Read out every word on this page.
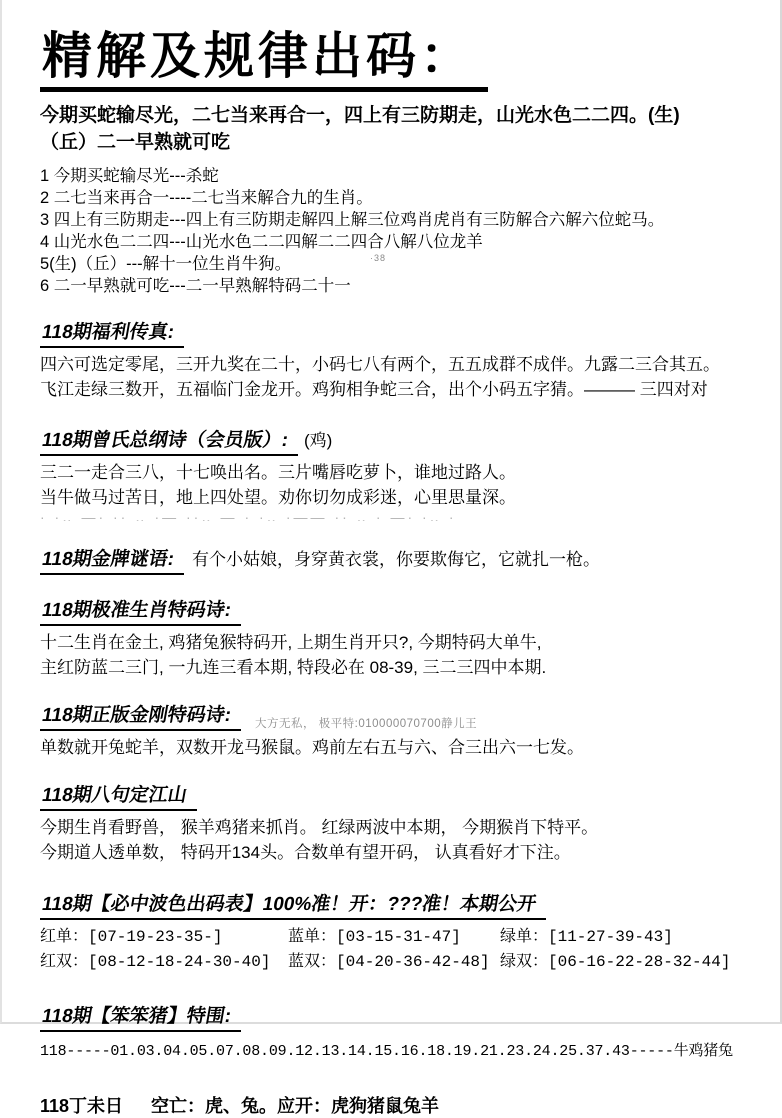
精解及规律出码：
今期买蛇输尽光，二七当来再合一，四上有三防期走，山光水色二二四。(生)
（丘）二一早熟就可吃
1 今期买蛇输尽光---杀蛇
2 二七当来再合一----二七当来解合九的生肖。
3 四上有三防期走---四上有三防期走解四上解三位鸡肖虎肖有三防解合六解六位蛇马。
4 山光水色二二四---山光水色二二四解二二四合八解八位龙羊
5(生)（丘）---解十一位生肖牛狗。	·38
6 二一早熟就可吃---二一早熟解特码二十一
118期福利传真:
四六可选定零尾，三开九奖在二十，小码七八有两个，五五成群不成伴。九露二三合其五。
飞江走绿三数开，五福临门金龙开。鸡狗相争蛇三合，出个小码五字猜。——— 三四对对
118期曾氏总纲诗（会员版）: (鸡)
三二一走合三八，十七唤出名。三片嘴唇吃萝卜，谁地过路人。
当牛做马过苦日，地上四处望。劝你切勿成彩迷，心里思量深。
· ·‥ —· ·· ‥ ·— ··‥ — · ·‥ ·—— ·· ‥ · —· ·‥ ·
118期金牌谜语: 有个小姑娘，身穿黄衣裳，你要欺侮它，它就扎一枪。
118期极准生肖特码诗:
十二生肖在金土, 鸡猪兔猴特码开, 上期生肖开只?, 今期特码大单牛,
主红防蓝二三门, 一九连三看本期, 特段必在 08-39, 三二三四中本期.
118期正版金刚特码诗: $_{大方无私, 极平特:010000070700静儿王}$
单数就开兔蛇羊，双数开龙马猴鼠。鸡前左右五与六、合三出六一七发。
118期八句定江山
今期生肖看野兽， 猴羊鸡猪来抓肖。 红绿两波中本期， 今期猴肖下特平。
今期道人透单数， 特码开134头。合数单有望开码， 认真看好才下注。
118期【必中波色出码表】100%准！开：???准！本期公开
红单：[07-19-23-35-]	蓝单：[03-15-31-47]	绿单：[11-27-39-43]
红双：[08-12-18-24-30-40]	蓝双：[04-20-36-42-48] 绿双：[06-16-22-28-32-44]
118期【笨笨猪】特围:
118-----01.03.04.05.07.08.09.12.13.14.15.16.18.19.21.23.24.25.37.43-----牛鸡猪兔
118丁未日 空亡：虎、兔。应开：虎狗猪鼠兔羊
